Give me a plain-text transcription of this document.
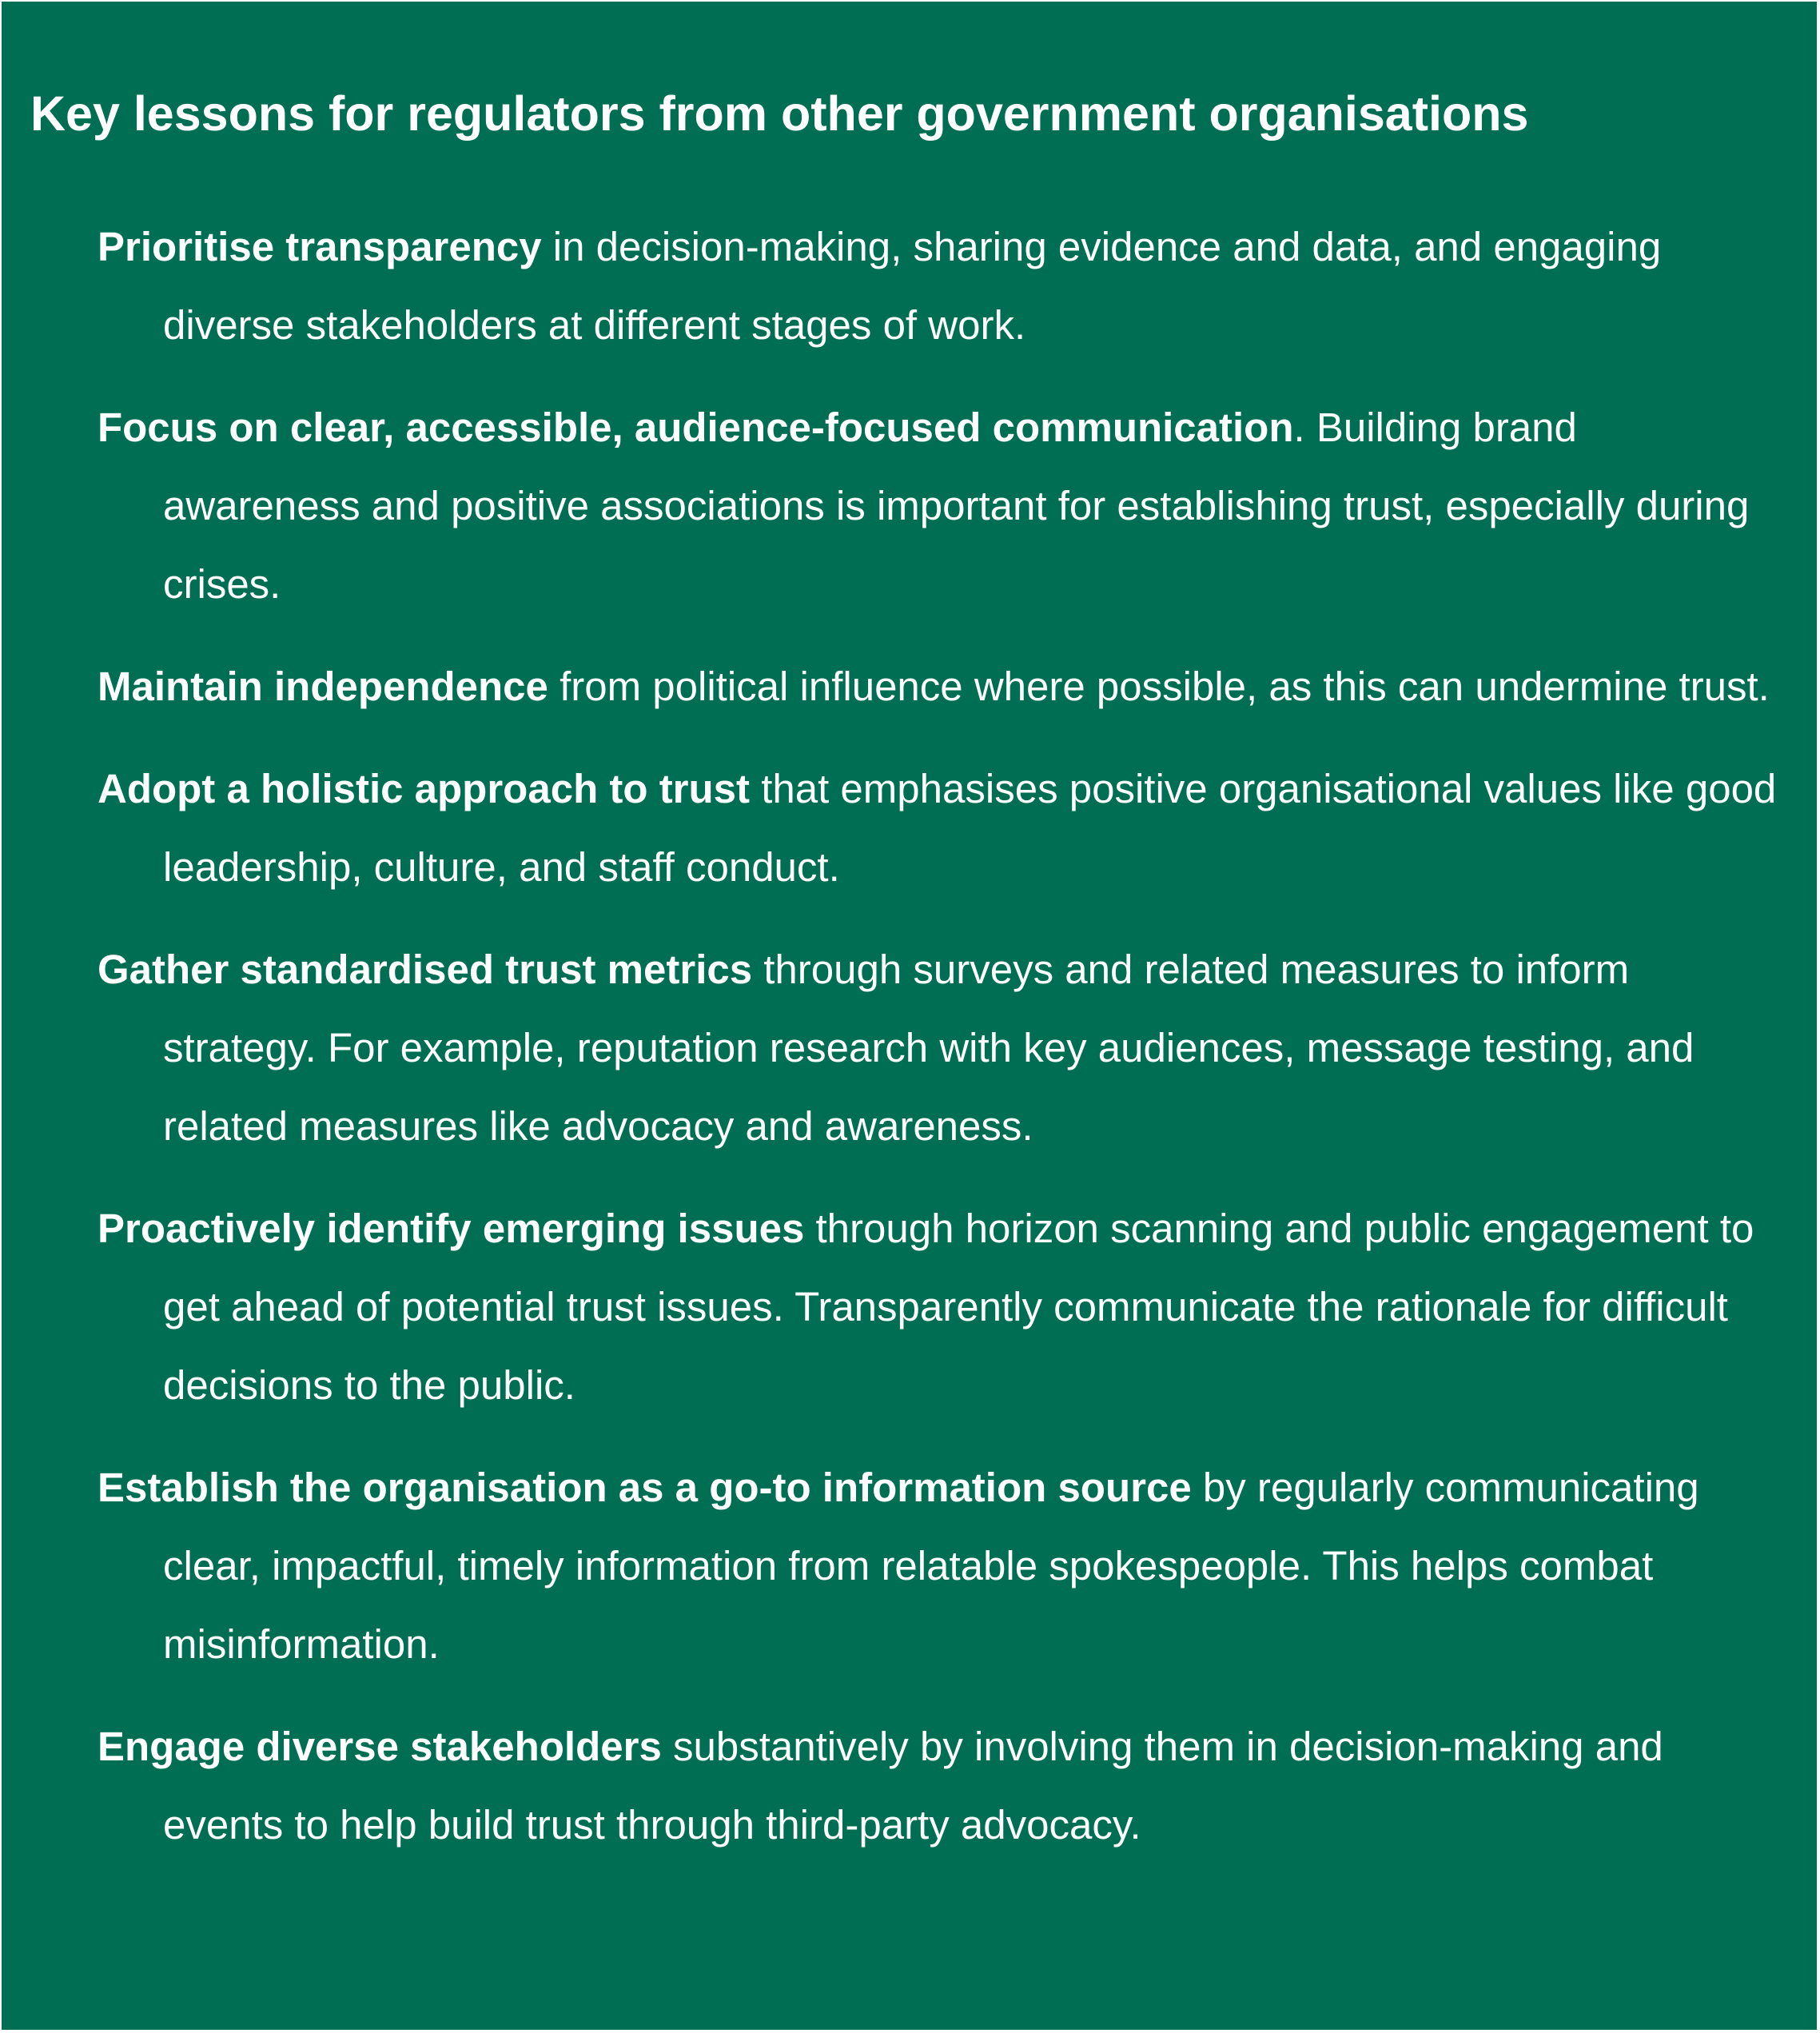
Key lessons for regulators from other government organisations
Prioritise transparency in decision-making, sharing evidence and data, and engaging diverse stakeholders at different stages of work.
Focus on clear, accessible, audience-focused communication. Building brand awareness and positive associations is important for establishing trust, especially during crises.
Maintain independence from political influence where possible, as this can undermine trust.
Adopt a holistic approach to trust that emphasises positive organisational values like good leadership, culture, and staff conduct.
Gather standardised trust metrics through surveys and related measures to inform strategy. For example, reputation research with key audiences, message testing, and related measures like advocacy and awareness.
Proactively identify emerging issues through horizon scanning and public engagement to get ahead of potential trust issues. Transparently communicate the rationale for difficult decisions to the public.
Establish the organisation as a go-to information source by regularly communicating clear, impactful, timely information from relatable spokespeople. This helps combat misinformation.
Engage diverse stakeholders substantively by involving them in decision-making and events to help build trust through third-party advocacy.
